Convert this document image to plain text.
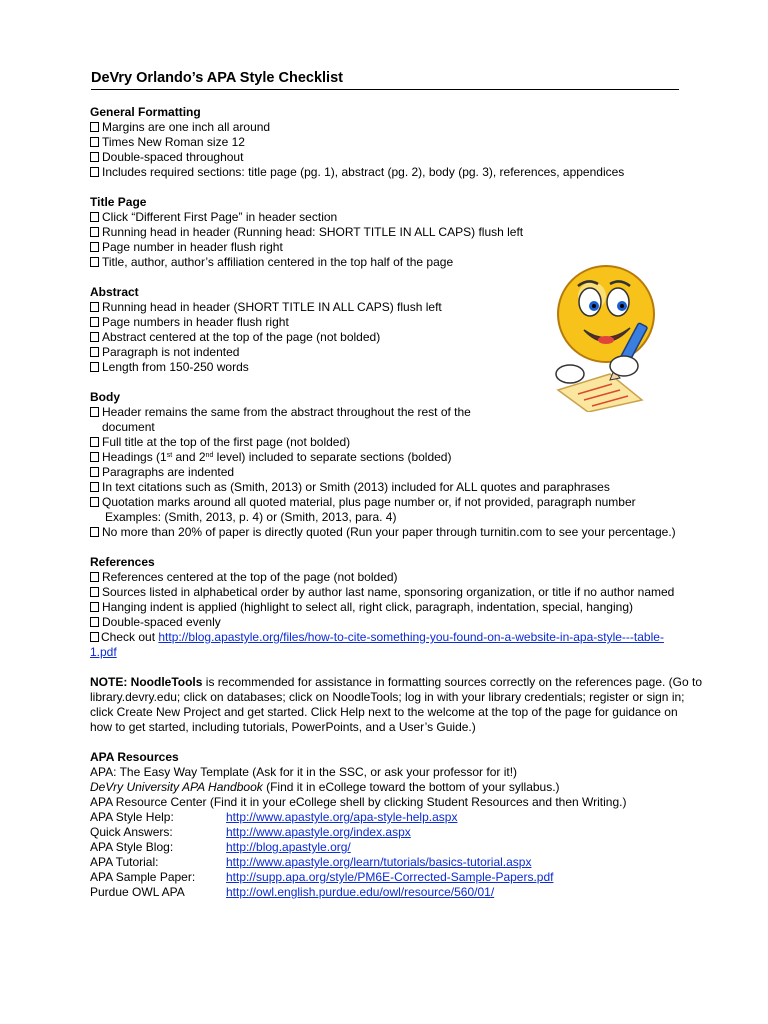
DeVry Orlando’s APA Style Checklist
General Formatting
Margins are one inch all around
Times New Roman size 12
Double-spaced throughout
Includes required sections: title page (pg. 1), abstract (pg. 2), body (pg. 3), references, appendices
Title Page
Click “Different First Page” in header section
Running head in header (Running head: SHORT TITLE IN ALL CAPS) flush left
Page number in header flush right
Title, author, author’s affiliation centered in the top half of the page
Abstract
Running head in header (SHORT TITLE IN ALL CAPS) flush left
Page numbers in header flush right
Abstract centered at the top of the page (not bolded)
Paragraph is not indented
Length from 150-250 words
Body
Header remains the same from the abstract throughout the rest of the document
Full title at the top of the first page (not bolded)
Headings (1st and 2nd level) included to separate sections (bolded)
Paragraphs are indented
In text citations such as (Smith, 2013) or Smith (2013) included for ALL quotes and paraphrases
Quotation marks around all quoted material, plus page number or, if not provided, paragraph number
Examples: (Smith, 2013, p. 4) or (Smith, 2013, para. 4)
No more than 20% of paper is directly quoted (Run your paper through turnitin.com to see your percentage.)
References
References centered at the top of the page (not bolded)
Sources listed in alphabetical order by author last name, sponsoring organization, or title if no author named
Hanging indent is applied (highlight to select all, right click, paragraph, indentation, special, hanging)
Double-spaced evenly
Check out http://blog.apastyle.org/files/how-to-cite-something-you-found-on-a-website-in-apa-style---table-1.pdf
NOTE: NoodleTools is recommended for assistance in formatting sources correctly on the references page. (Go to library.devry.edu; click on databases; click on NoodleTools; log in with your library credentials; register or sign in; click Create New Project and get started. Click Help next to the welcome at the top of the page for guidance on how to get started, including tutorials, PowerPoints, and a User’s Guide.)
APA Resources
APA: The Easy Way Template (Ask for it in the SSC, or ask your professor for it!)
DeVry University APA Handbook (Find it in eCollege toward the bottom of your syllabus.)
APA Resource Center (Find it in your eCollege shell by clicking Student Resources and then Writing.)
APA Style Help:	http://www.apastyle.org/apa-style-help.aspx
Quick Answers:	http://www.apastyle.org/index.aspx
APA Style Blog:	http://blog.apastyle.org/
APA Tutorial:	http://www.apastyle.org/learn/tutorials/basics-tutorial.aspx
APA Sample Paper:	http://supp.apa.org/style/PM6E-Corrected-Sample-Papers.pdf
Purdue OWL APA	http://owl.english.purdue.edu/owl/resource/560/01/
